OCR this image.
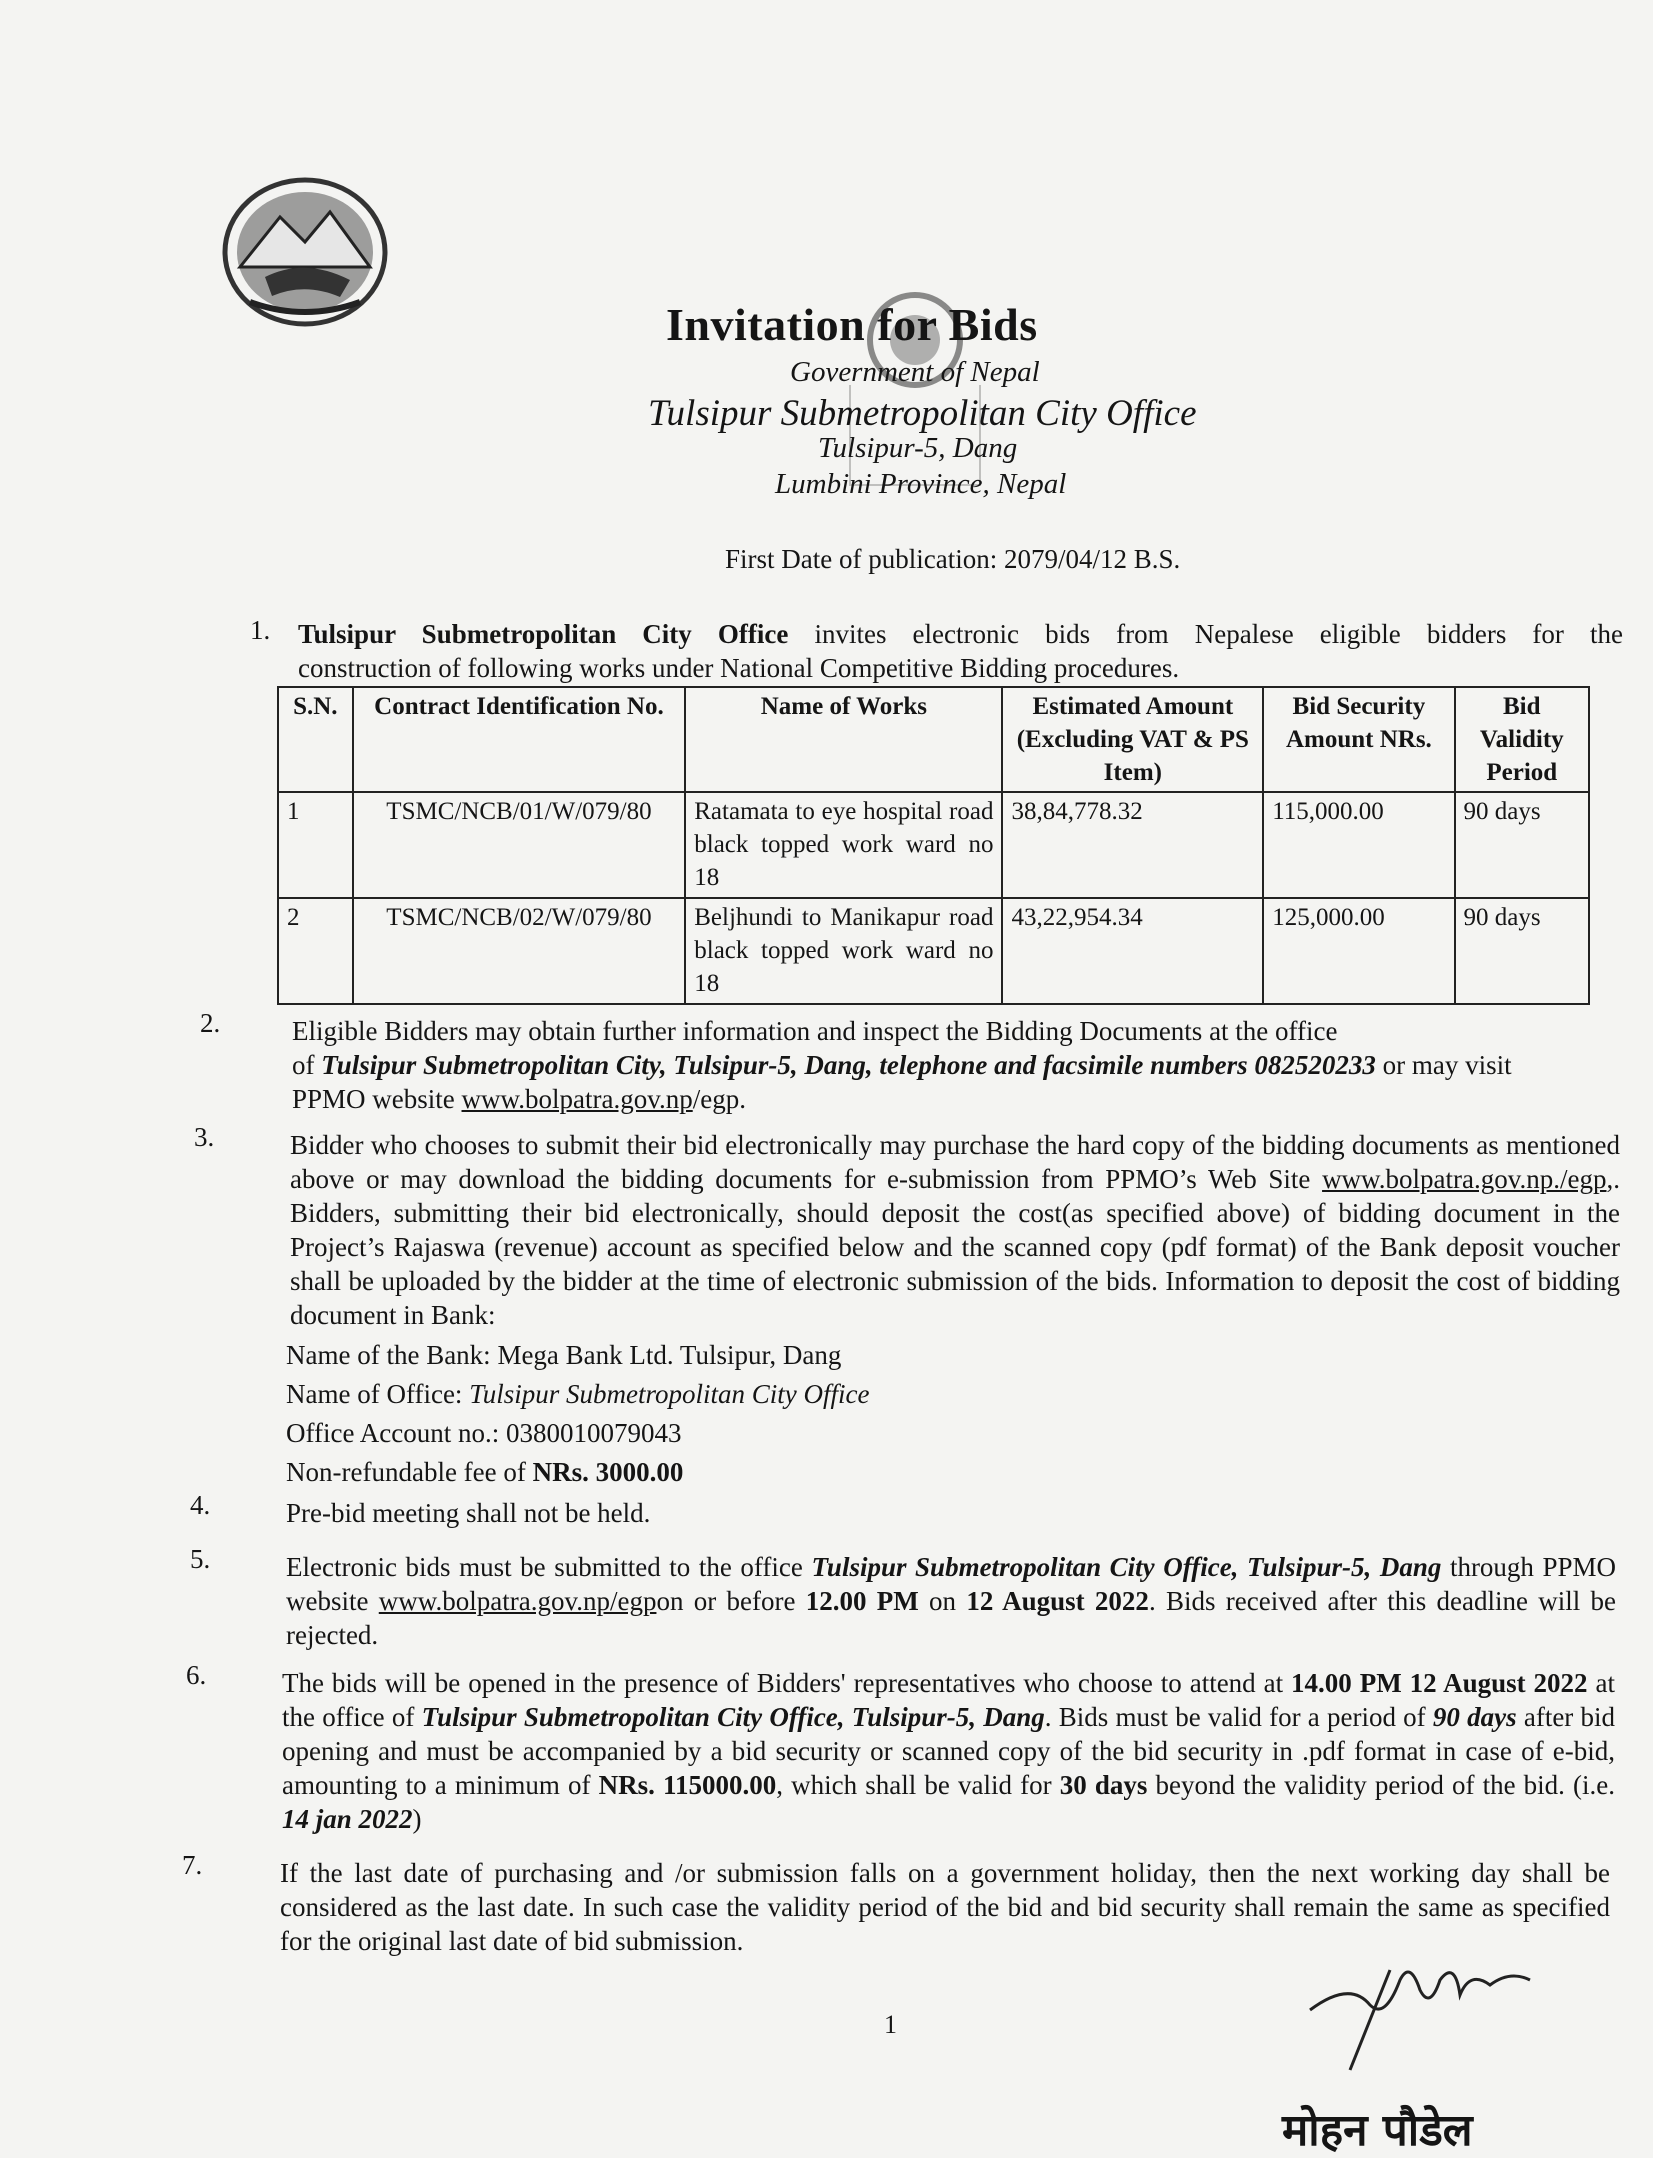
Invitation for Bids
Government of Nepal
Tulsipur Submetropolitan City Office
Tulsipur-5, Dang
Lumbini Province, Nepal
First Date of publication: 2079/04/12 B.S.
1. Tulsipur Submetropolitan City Office invites electronic bids from Nepalese eligible bidders for the
construction of following works under National Competitive Bidding procedures.
S.N.	Contract Identification No.	Name of Works	Estimated Amount (Excluding VAT & PS Item)	Bid Security Amount NRs.	Bid Validity Period
1	TSMC/NCB/01/W/079/80	Ratamata to eye hospital road black topped work ward no 18	38,84,778.32	115,000.00	90 days
2	TSMC/NCB/02/W/079/80	Beljhundi to Manikapur road black topped work ward no 18	43,22,954.34	125,000.00	90 days
2.	Eligible Bidders may obtain further information and inspect the Bidding Documents at the office
of Tulsipur Submetropolitan City, Tulsipur-5, Dang, telephone and facsimile numbers 082520233 or may visit
PPMO website www.bolpatra.gov.np/egp.
3.	Bidder who chooses to submit their bid electronically may purchase the hard copy of the bidding documents as mentioned above or may download the bidding documents for e-submission from PPMO’s Web Site www.bolpatra.gov.np./egp,. Bidders, submitting their bid electronically, should deposit the cost(as specified above) of bidding document in the Project’s Rajaswa (revenue) account as specified below and the scanned copy (pdf format) of the Bank deposit voucher shall be uploaded by the bidder at the time of electronic submission of the bids. Information to deposit the cost of bidding document in Bank:
Name of the Bank: Mega Bank Ltd. Tulsipur, Dang
Name of Office: Tulsipur Submetropolitan City Office
Office Account no.: 0380010079043
Non-refundable fee of NRs. 3000.00
4.	Pre-bid meeting shall not be held.
5.	Electronic bids must be submitted to the office Tulsipur Submetropolitan City Office, Tulsipur-5, Dang through PPMO website www.bolpatra.gov.np/egpon or before 12.00 PM on 12 August 2022. Bids received after this deadline will be rejected.
6.	The bids will be opened in the presence of Bidders' representatives who choose to attend at 14.00 PM 12 August 2022 at the office of Tulsipur Submetropolitan City Office, Tulsipur-5, Dang. Bids must be valid for a period of 90 days after bid opening and must be accompanied by a bid security or scanned copy of the bid security in .pdf format in case of e-bid, amounting to a minimum of NRs. 115000.00, which shall be valid for 30 days beyond the validity period of the bid. (i.e. 14 jan 2022)
7.	If the last date of purchasing and /or submission falls on a government holiday, then the next working day shall be considered as the last date. In such case the validity period of the bid and bid security shall remain the same as specified for the original last date of bid submission.
1
मोहन पौडेल
